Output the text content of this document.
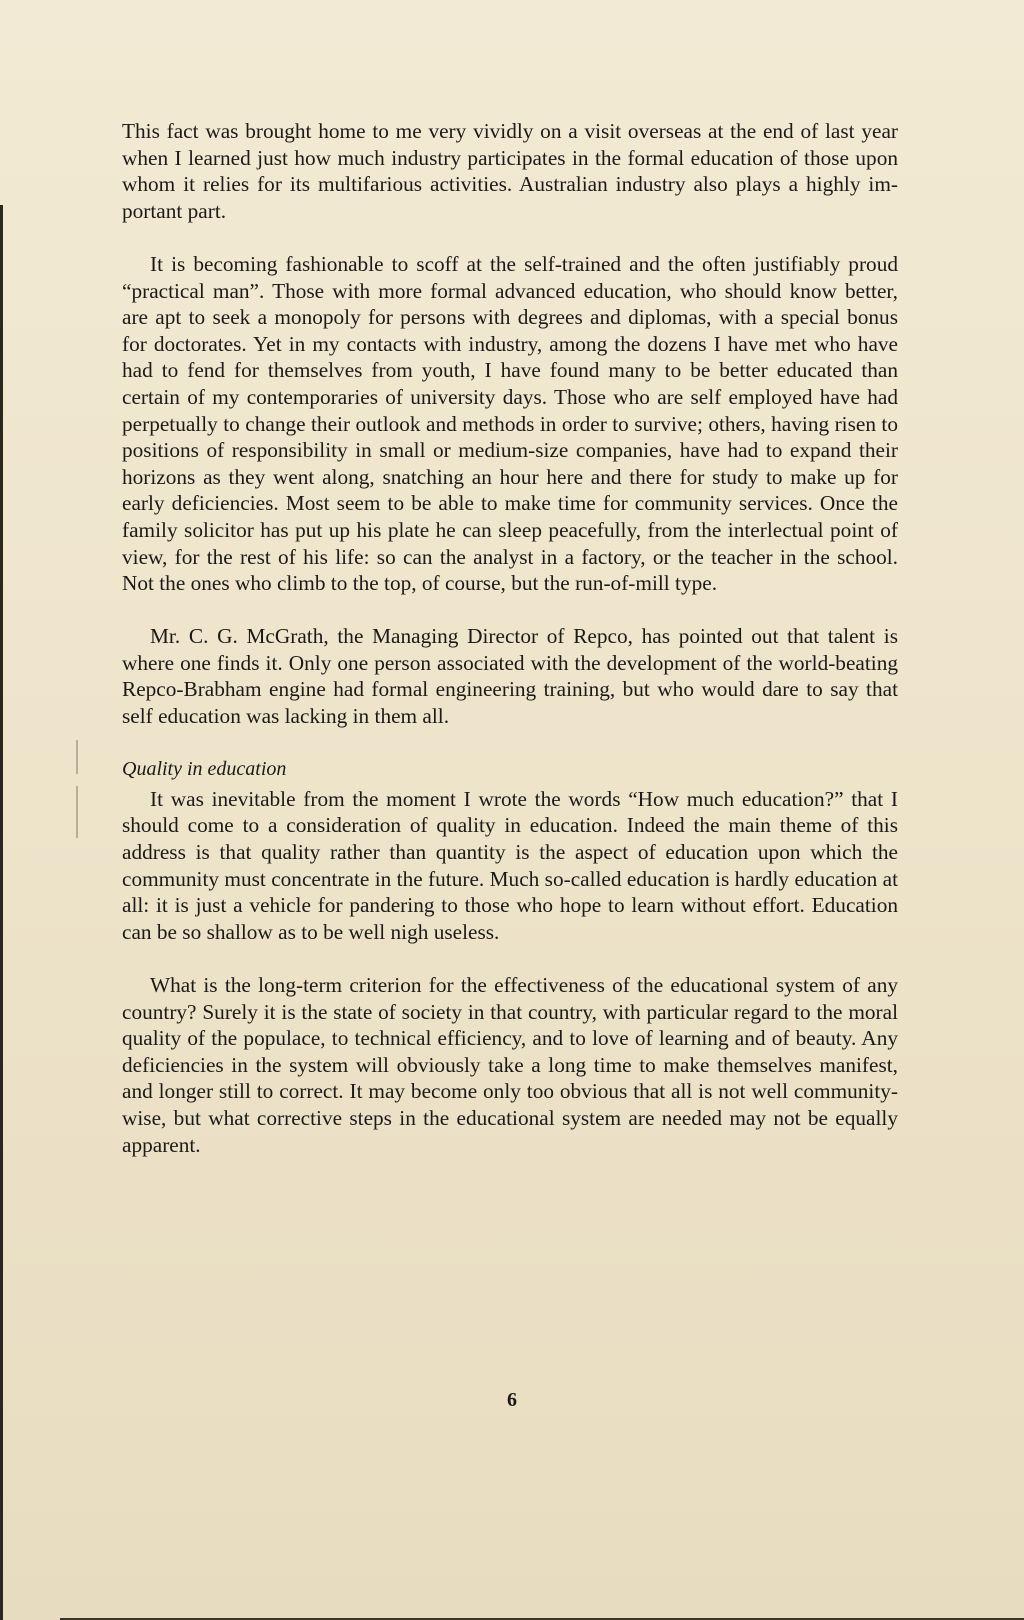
This fact was brought home to me very vividly on a visit overseas at the end of last year when I learned just how much industry participates in the formal education of those upon whom it relies for its multifarious activities. Australian industry also plays a highly important part.

It is becoming fashionable to scoff at the self-trained and the often justifiably proud “practical man”. Those with more formal advanced education, who should know better, are apt to seek a monopoly for persons with degrees and diplomas, with a special bonus for doctorates. Yet in my contacts with industry, among the dozens I have met who have had to fend for themselves from youth, I have found many to be better educated than certain of my contemporaries of university days. Those who are self employed have had perpetually to change their outlook and methods in order to survive; others, having risen to positions of responsibility in small or medium-size companies, have had to expand their horizons as they went along, snatching an hour here and there for study to make up for early deficiencies. Most seem to be able to make time for community services. Once the family solicitor has put up his plate he can sleep peacefully, from the interlectual point of view, for the rest of his life: so can the analyst in a factory, or the teacher in the school. Not the ones who climb to the top, of course, but the run-of-mill type.

Mr. C. G. McGrath, the Managing Director of Repco, has pointed out that talent is where one finds it. Only one person associated with the development of the world-beating Repco-Brabham engine had formal engineering training, but who would dare to say that self education was lacking in them all.

Quality in education

It was inevitable from the moment I wrote the words “How much education?” that I should come to a consideration of quality in education. Indeed the main theme of this address is that quality rather than quantity is the aspect of education upon which the community must concentrate in the future. Much so-called education is hardly education at all: it is just a vehicle for pandering to those who hope to learn without effort. Education can be so shallow as to be well nigh useless.

What is the long-term criterion for the effectiveness of the educational system of any country? Surely it is the state of society in that country, with particular regard to the moral quality of the populace, to technical efficiency, and to love of learning and of beauty. Any deficiencies in the system will obviously take a long time to make themselves manifest, and longer still to correct. It may become only too obvious that all is not well community-wise, but what corrective steps in the educational system are needed may not be equally apparent.

6
